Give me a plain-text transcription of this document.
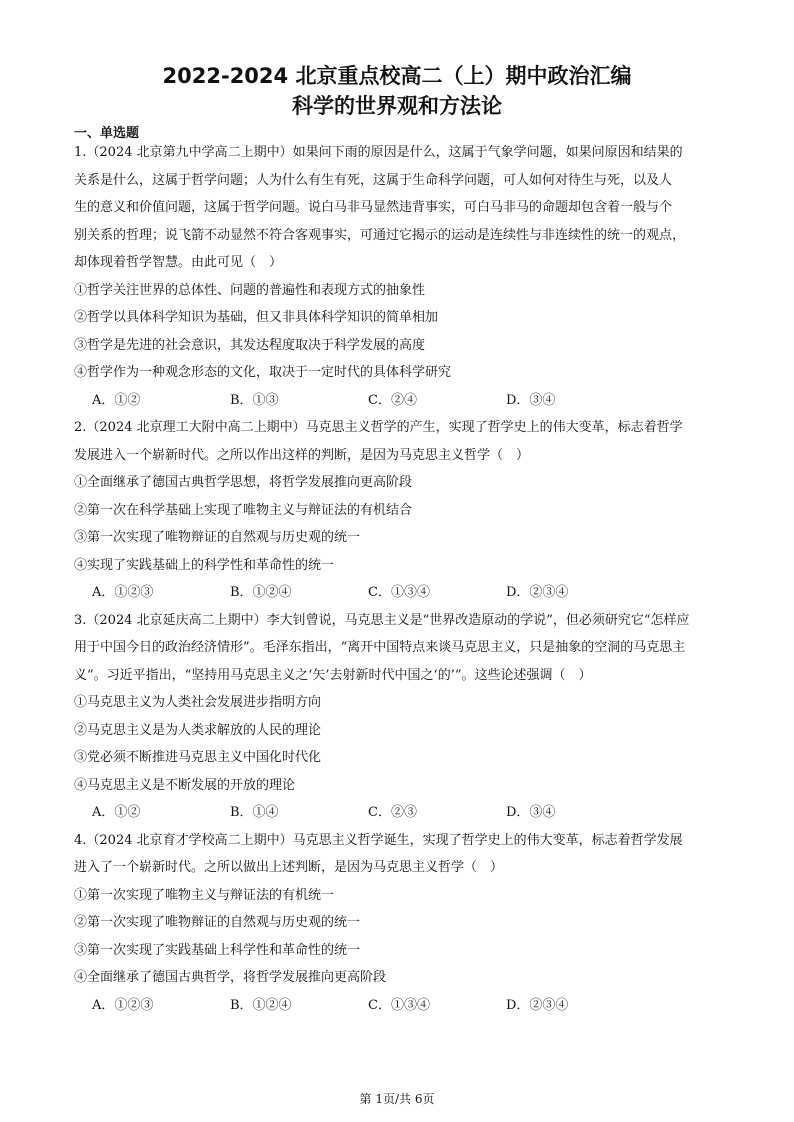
2022-2024 北京重点校高二（上）期中政治汇编
科学的世界观和方法论
一、单选题
1.（2024 北京第九中学高二上期中）如果问下雨的原因是什么，这属于气象学问题，如果问原因和结果的
关系是什么，这属于哲学问题；人为什么有生有死，这属于生命科学问题，可人如何对待生与死，以及人
生的意义和价值问题，这属于哲学问题。说白马非马显然违背事实，可白马非马的命题却包含着一般与个
别关系的哲理；说飞箭不动显然不符合客观事实，可通过它揭示的运动是连续性与非连续性的统一的观点，
却体现着哲学智慧。由此可见（　）
①哲学关注世界的总体性、问题的普遍性和表现方式的抽象性
②哲学以具体科学知识为基础，但又非具体科学知识的简单相加
③哲学是先进的社会意识，其发达程度取决于科学发展的高度
④哲学作为一种观念形态的文化，取决于一定时代的具体科学研究
A．①②	B．①③	C．②④	D．③④
2.（2024 北京理工大附中高二上期中）马克思主义哲学的产生，实现了哲学史上的伟大变革，标志着哲学
发展进入一个崭新时代。之所以作出这样的判断，是因为马克思主义哲学（　）
①全面继承了德国古典哲学思想，将哲学发展推向更高阶段
②第一次在科学基础上实现了唯物主义与辩证法的有机结合
③第一次实现了唯物辩证的自然观与历史观的统一
④实现了实践基础上的科学性和革命性的统一
A．①②③	B．①②④	C．①③④	D．②③④
3.（2024 北京延庆高二上期中）李大钊曾说，马克思主义是“世界改造原动的学说”，但必须研究它“怎样应
用于中国今日的政治经济情形”。毛泽东指出，“离开中国特点来谈马克思主义，只是抽象的空洞的马克思主
义”。习近平指出，“坚持用马克思主义之‘矢’去射新时代中国之‘的’”。这些论述强调（　）
①马克思主义为人类社会发展进步指明方向
②马克思主义是为人类求解放的人民的理论
③党必须不断推进马克思主义中国化时代化
④马克思主义是不断发展的开放的理论
A．①②	B．①④	C．②③	D．③④
4.（2024 北京育才学校高二上期中）马克思主义哲学诞生，实现了哲学史上的伟大变革，标志着哲学发展
进入了一个崭新时代。之所以做出上述判断，是因为马克思主义哲学（　）
①第一次实现了唯物主义与辩证法的有机统一
②第一次实现了唯物辩证的自然观与历史观的统一
③第一次实现了实践基础上科学性和革命性的统一
④全面继承了德国古典哲学，将哲学发展推向更高阶段
A．①②③	B．①②④	C．①③④	D．②③④
第 1页/共 6页
